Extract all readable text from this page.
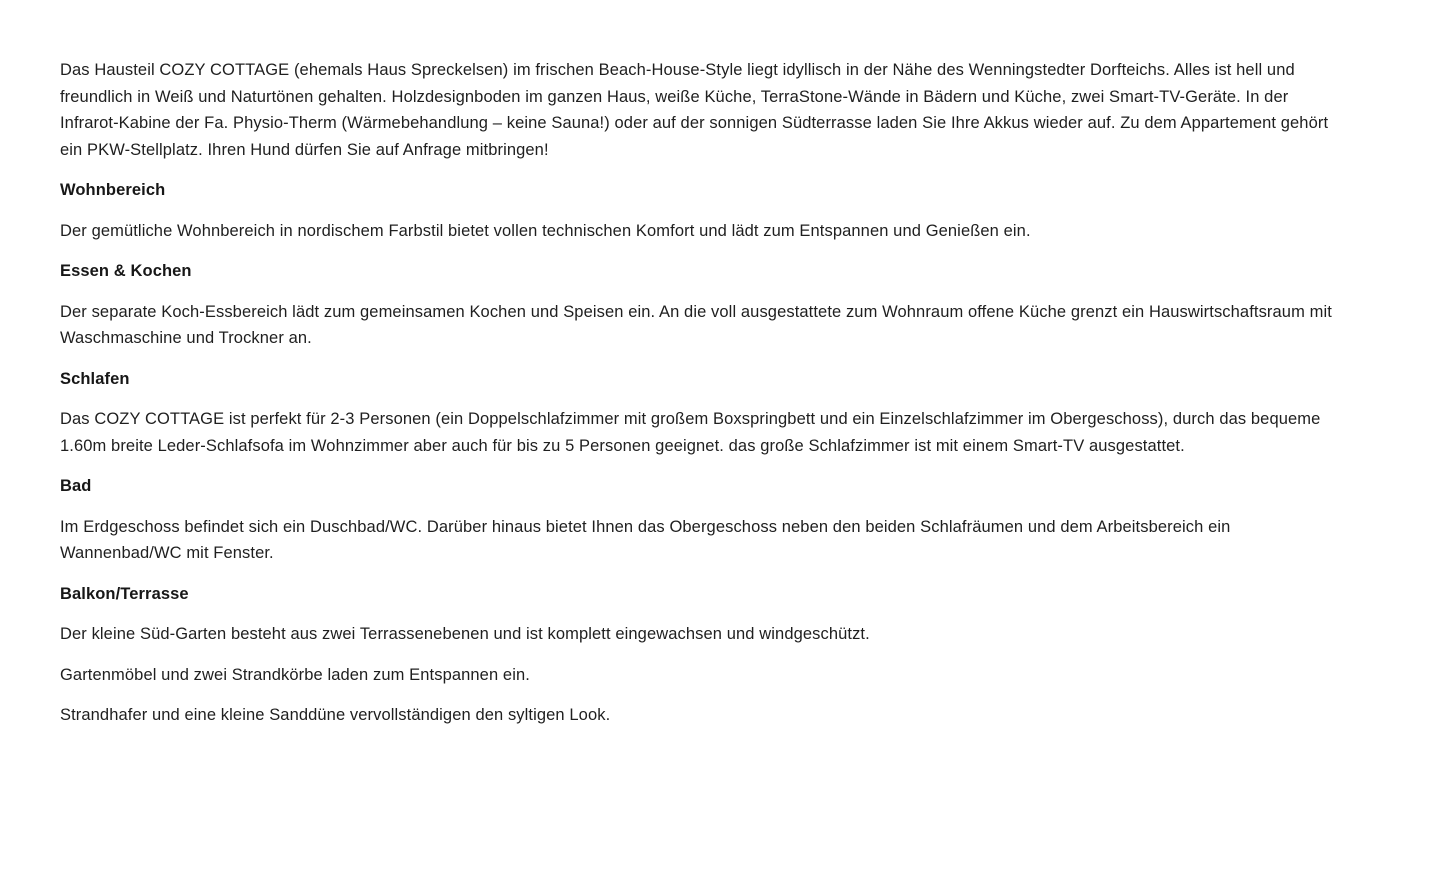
Das Hausteil COZY COTTAGE (ehemals Haus Spreckelsen) im frischen Beach-House-Style liegt idyllisch in der Nähe des Wenningstedter Dorfteichs. Alles ist hell und freundlich in Weiß und Naturtönen gehalten. Holzdesignboden im ganzen Haus, weiße Küche, TerraStone-Wände in Bädern und Küche, zwei Smart-TV-Geräte. In der Infrarot-Kabine der Fa. Physio-Therm (Wärmebehandlung – keine Sauna!) oder auf der sonnigen Südterrasse laden Sie Ihre Akkus wieder auf. Zu dem Appartement gehört ein PKW-Stellplatz. Ihren Hund dürfen Sie auf Anfrage mitbringen!

Wohnbereich

Der gemütliche Wohnbereich in nordischem Farbstil bietet vollen technischen Komfort und lädt zum Entspannen und Genießen ein.

Essen & Kochen

Der separate Koch-Essbereich lädt zum gemeinsamen Kochen und Speisen ein. An die voll ausgestattete zum Wohnraum offene Küche grenzt ein Hauswirtschaftsraum mit Waschmaschine und Trockner an.

Schlafen

Das COZY COTTAGE ist perfekt für 2-3 Personen (ein Doppelschlafzimmer mit großem Boxspringbett und ein Einzelschlafzimmer im Obergeschoss), durch das bequeme 1.60m breite Leder-Schlafsofa im Wohnzimmer aber auch für bis zu 5 Personen geeignet. das große Schlafzimmer ist mit einem Smart-TV ausgestattet.

Bad

Im Erdgeschoss befindet sich ein Duschbad/WC. Darüber hinaus bietet Ihnen das Obergeschoss neben den beiden Schlafräumen und dem Arbeitsbereich ein Wannenbad/WC mit Fenster.

Balkon/Terrasse

Der kleine Süd-Garten besteht aus zwei Terrassenebenen und ist komplett eingewachsen und windgeschützt.

Gartenmöbel und zwei Strandkörbe laden zum Entspannen ein.

Strandhafer und eine kleine Sanddüne vervollständigen den syltigen Look.
